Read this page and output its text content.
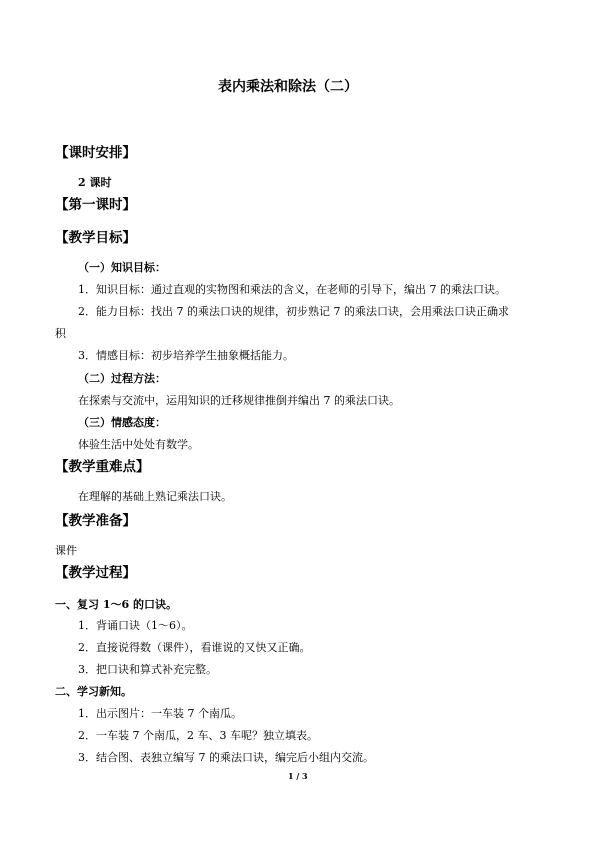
表内乘法和除法（二）

【课时安排】

2 课时

【第一课时】

【教学目标】

（一）知识目标：

1．知识目标：通过直观的实物图和乘法的含义，在老师的引导下，编出 7 的乘法口诀。

2．能力目标：找出 7 的乘法口诀的规律，初步熟记 7 的乘法口诀，会用乘法口诀正确求

积

3．情感目标：初步培养学生抽象概括能力。

（二）过程方法：

在探索与交流中，运用知识的迁移规律推倒并编出 7 的乘法口诀。

（三）情感态度：

体验生活中处处有数学。

【教学重难点】

在理解的基础上熟记乘法口诀。

【教学准备】

课件

【教学过程】

一、复习 1～6 的口诀。

1．背诵口诀（1～6）。

2．直接说得数（课件），看谁说的又快又正确。

3．把口诀和算式补充完整。

二、学习新知。

1．出示图片：一车装 7 个南瓜。

2．一车装 7 个南瓜，2 车、3 车呢？独立填表。

3．结合图、表独立编写 7 的乘法口诀，编完后小组内交流。

1 / 3
